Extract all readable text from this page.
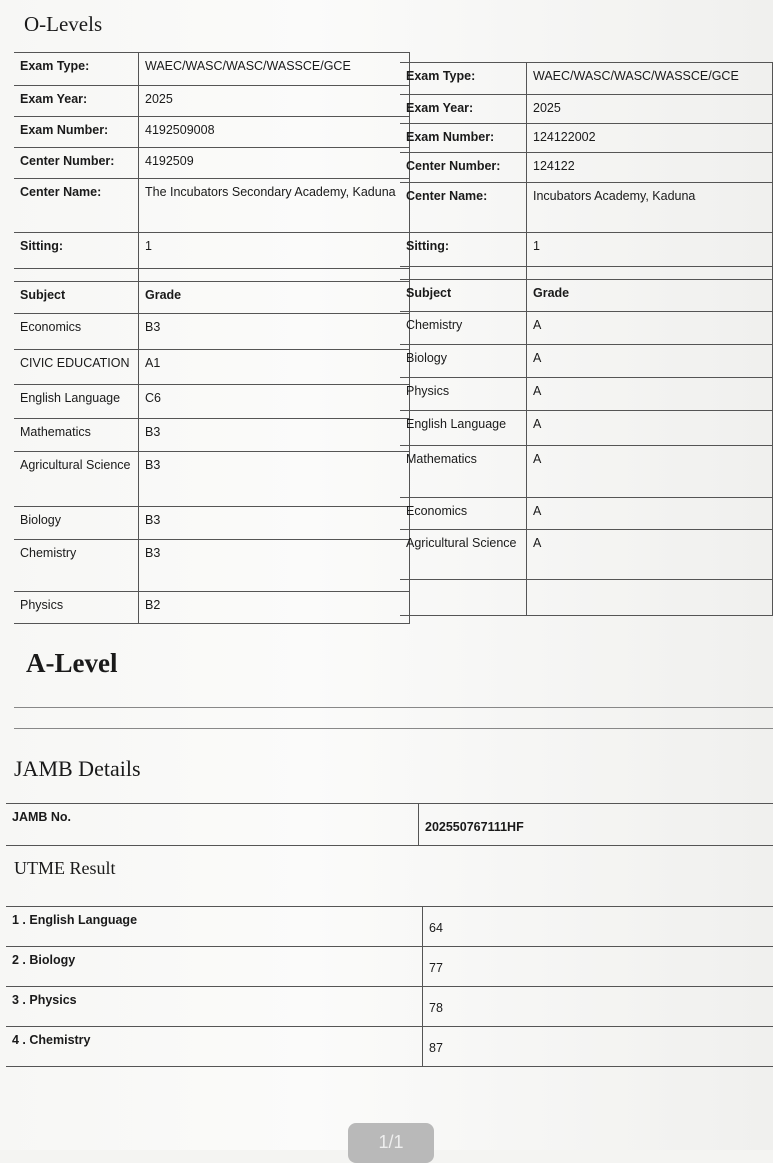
O-Levels
Exam Type:	WAEC/WASC/WASC/WASSCE/GCE
Exam Year:	2025
Exam Number:	4192509008
Center Number:	4192509
Center Name:	The Incubators Secondary Academy, Kaduna
Sitting:	1

Subject	Grade
Economics	B3
CIVIC EDUCATION	A1
English Language	C6
Mathematics	B3
Agricultural Science	B3
Biology	B3
Chemistry	B3
Physics	B2
Exam Type:	WAEC/WASC/WASC/WASSCE/GCE
Exam Year:	2025
Exam Number:	124122002
Center Number:	124122
Center Name:	Incubators Academy, Kaduna
Sitting:	1

Subject	Grade
Chemistry	A
Biology	A
Physics	A
English Language	A
Mathematics	A
Economics	A
Agricultural Science	A

A-Level
JAMB Details
JAMB No.	202550767111HF
UTME Result
1 . English Language	64
2 . Biology	77
3 . Physics	78
4 . Chemistry	87
1/1
